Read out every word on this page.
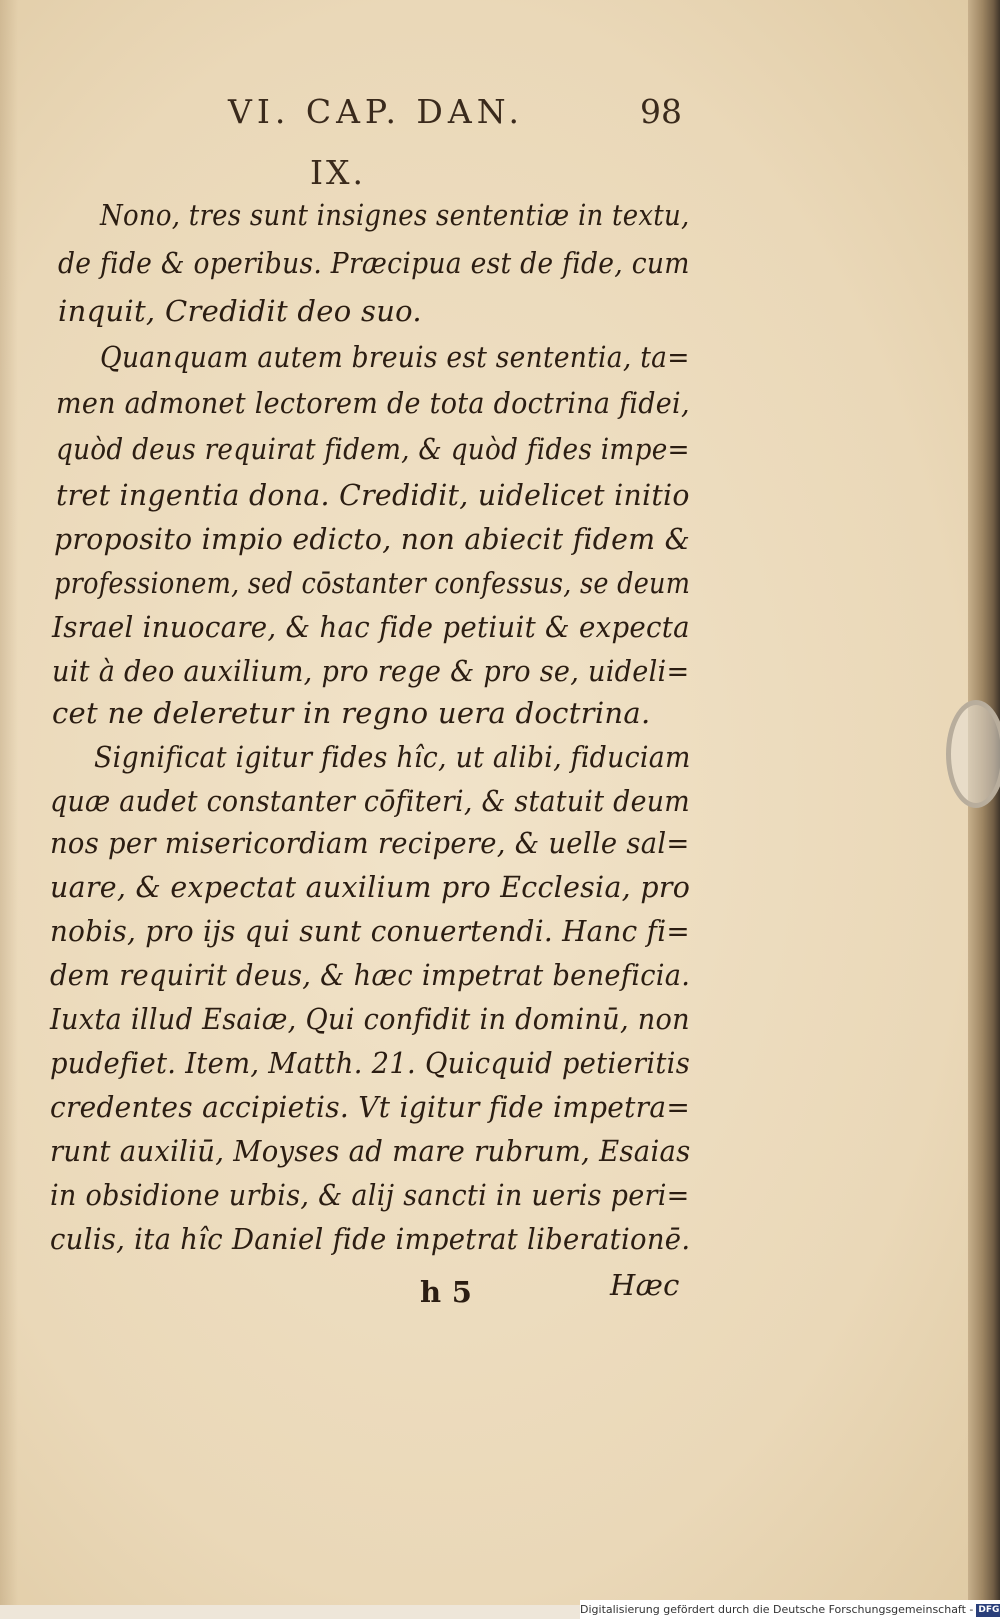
VI. CAP. DAN.	98
IX.
Nono, tres sunt insignes sententiæ in textu,
de fide & operibus. Præcipua est de fide, cum
inquit, Credidit deo suo.
Quanquam autem breuis est sententia, ta=
men admonet lectorem de tota doctrina fidei,
quòd deus requirat fidem, & quòd fides impe=
tret ingentia dona. Credidit, uidelicet initio
proposito impio edicto, non abiecit fidem &
professionem, sed cōstanter confessus, se deum
Israel inuocare, & hac fide petiuit & expecta
uit à deo auxilium, pro rege & pro se, uideli=
cet ne deleretur in regno uera doctrina.
Significat igitur fides hîc, ut alibi, fiduciam
quæ audet constanter cōfiteri, & statuit deum
nos per misericordiam recipere, & uelle sal=
uare, & expectat auxilium pro Ecclesia, pro
nobis, pro ijs qui sunt conuertendi. Hanc fi=
dem requirit deus, & hæc impetrat beneficia.
Iuxta illud Esaiæ, Qui confidit in dominū, non
pudefiet. Item, Matth. 21. Quicquid petieritis
credentes accipietis. Vt igitur fide impetra=
runt auxiliū, Moyses ad mare rubrum, Esaias
in obsidione urbis, & alij sancti in ueris peri=
culis, ita hîc Daniel fide impetrat liberationē.
h 5	Hæc
Digitalisierung gefördert durch die Deutsche Forschungsgemeinschaft - DFG
